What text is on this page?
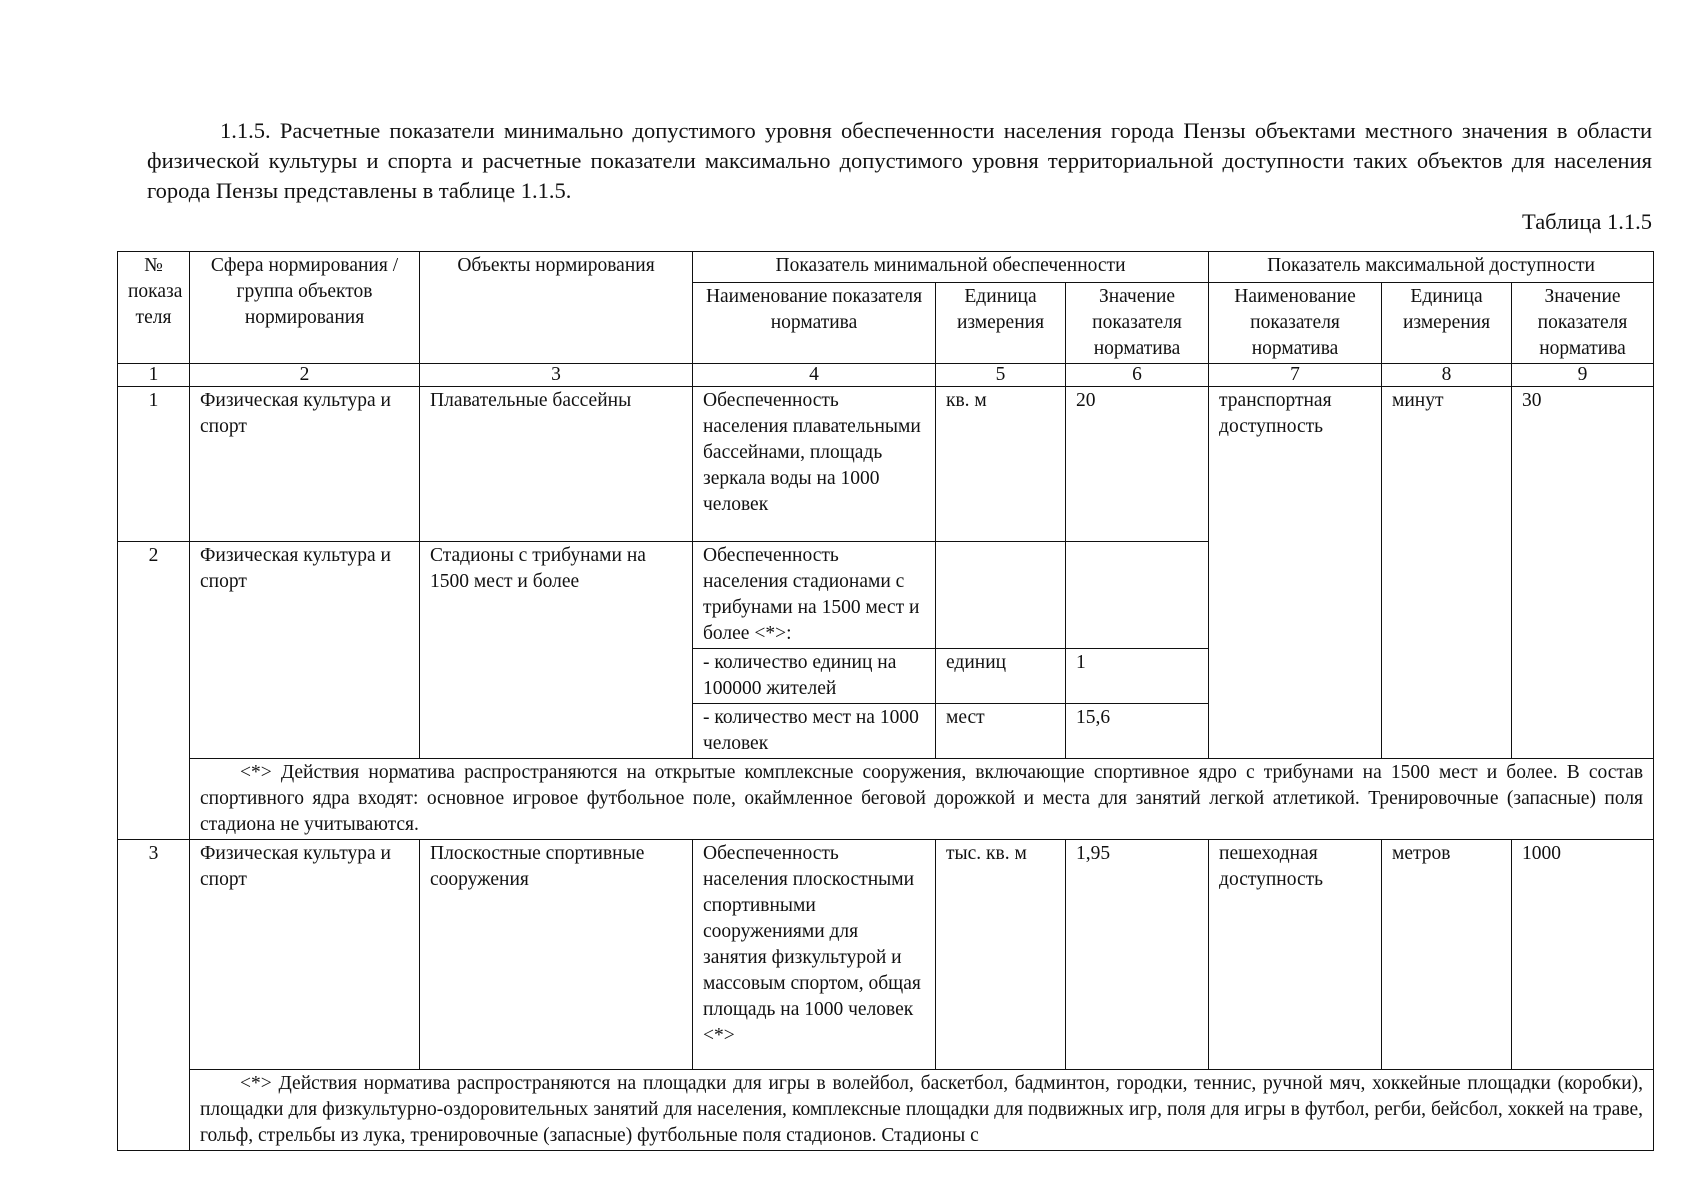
1.1.5. Расчетные показатели минимально допустимого уровня обеспеченности населения города Пензы объектами местного значения в области физической культуры и спорта и расчетные показатели максимально допустимого уровня территориальной доступности таких объектов для населения города Пензы представлены в таблице 1.1.5.
Таблица 1.1.5
№ показа теля	Сфера нормирования / группа объектов нормирования	Объекты нормирования	Показатель минимальной обеспеченности			Показатель максимальной доступности		
			Наименование показателя норматива	Единица измерения	Значение показателя норматива	Наименование показателя норматива	Единица измерения	Значение показателя норматива
1	2	3	4	5	6	7	8	9
1	Физическая культура и спорт	Плавательные бассейны	Обеспеченность населения плавательными бассейнами, площадь зеркала воды на 1000 человек	кв. м	20	транспортная доступность	минут	30
2	Физическая культура и спорт	Стадионы с трибунами на 1500 мест и более	Обеспеченность населения стадионами с трибунами на 1500 мест и более <*>:					
			- количество единиц на 100000 жителей	единиц	1			
			- количество мест на 1000 человек	мест	15,6			
	<*> Действия норматива распространяются на открытые комплексные сооружения, включающие спортивное ядро с трибунами на 1500 мест и более. В состав спортивного ядра входят: основное игровое футбольное поле, окаймленное беговой дорожкой и места для занятий легкой атлетикой. Тренировочные (запасные) поля стадиона не учитываются.							
3	Физическая культура и спорт	Плоскостные спортивные сооружения	Обеспеченность населения плоскостными спортивными сооружениями для занятия физкультурой и массовым спортом, общая площадь на 1000 человек <*>	тыс. кв. м	1,95	пешеходная доступность	метров	1000
	<*> Действия норматива распространяются на площадки для игры в волейбол, баскетбол, бадминтон, городки, теннис, ручной мяч, хоккейные площадки (коробки), площадки для физкультурно-оздоровительных занятий для населения, комплексные площадки для подвижных игр, поля для игры в футбол, регби, бейсбол, хоккей на траве, гольф, стрельбы из лука, тренировочные (запасные) футбольные поля стадионов. Стадионы с							
